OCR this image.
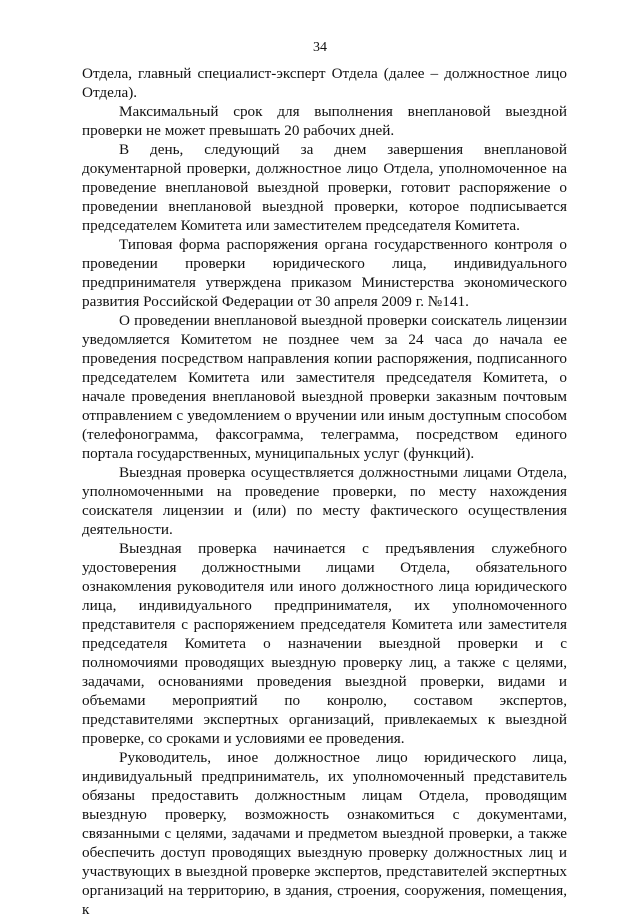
34

Отдела, главный специалист-эксперт Отдела (далее – должностное лицо Отдела).

Максимальный срок для выполнения внеплановой выездной проверки не может превышать 20 рабочих дней.

В день, следующий за днем завершения внеплановой документарной проверки, должностное лицо Отдела, уполномоченное на проведение внеплановой выездной проверки, готовит распоряжение о проведении внеплановой выездной проверки, которое подписывается председателем Комитета или заместителем председателя Комитета.

Типовая форма распоряжения органа государственного контроля о проведении проверки юридического лица, индивидуального предпринимателя утверждена приказом Министерства экономического развития Российской Федерации от 30 апреля 2009 г. №141.

О проведении внеплановой выездной проверки соискатель лицензии уведомляется Комитетом не позднее чем за 24 часа до начала ее проведения посредством направления копии распоряжения, подписанного председателем Комитета или заместителя председателя Комитета, о начале проведения внеплановой выездной проверки заказным почтовым отправлением с уведомлением о вручении или иным доступным способом (телефонограмма, факсограмма, телеграмма, посредством единого портала государственных, муниципальных услуг (функций).

Выездная проверка осуществляется должностными лицами Отдела, уполномоченными на проведение проверки, по месту нахождения соискателя лицензии и (или) по месту фактического осуществления деятельности.

Выездная проверка начинается с предъявления служебного удостоверения должностными лицами Отдела, обязательного ознакомления руководителя или иного должностного лица юридического лица, индивидуального предпринимателя, их уполномоченного представителя с распоряжением председателя Комитета или заместителя председателя Комитета о назначении выездной проверки и с полномочиями проводящих выездную проверку лиц, а также с целями, задачами, основаниями проведения выездной проверки, видами и объемами мероприятий по конролю, составом экспертов, представителями экспертных организаций, привлекаемых к выездной проверке, со сроками и условиями ее проведения.

Руководитель, иное должностное лицо юридического лица, индивидуальный предприниматель, их уполномоченный представитель обязаны предоставить должностным лицам Отдела, проводящим выездную проверку, возможность ознакомиться с документами, связанными с целями, задачами и предметом выездной проверки, а также обеспечить доступ проводящих выездную проверку должностных лиц и участвующих в выездной проверке экспертов, представителей экспертных организаций на территорию, в здания, строения, сооружения, помещения, к
